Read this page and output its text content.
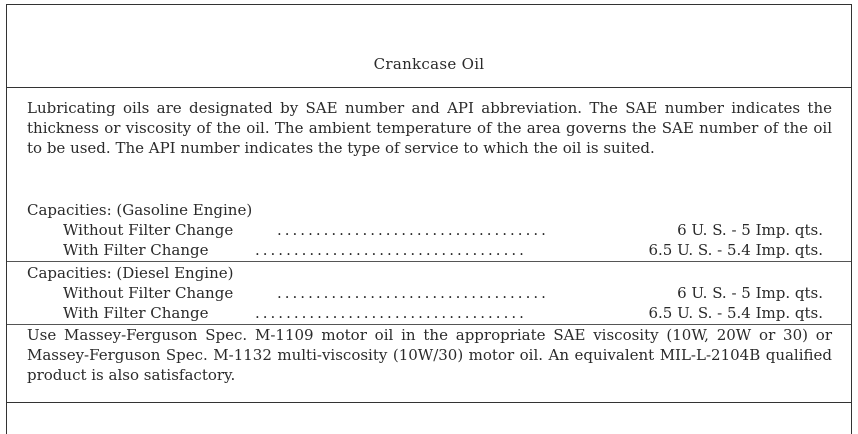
Crankcase Oil

Lubricating oils are designated by SAE number and API abbreviation. The SAE number indicates the thickness or viscosity of the oil. The ambient temperature of the area governs the SAE number of the oil to be used. The API number indicates the type of service to which the oil is suited.

Capacities: (Gasoline Engine)
Without Filter Change	...................................	6 U. S. - 5 Imp. qts.
With Filter Change	...................................	6.5 U. S. - 5.4 Imp. qts.
Capacities: (Diesel Engine)
Without Filter Change	...................................	6 U. S. - 5 Imp. qts.
With Filter Change	...................................	6.5 U. S. - 5.4 Imp. qts.

Use Massey-Ferguson Spec. M-1109 motor oil in the appropriate SAE viscosity (10W, 20W or 30) or Massey-Ferguson Spec. M-1132 multi-viscosity (10W/30) motor oil. An equivalent MIL-L-2104B qualified product is also satisfactory.
